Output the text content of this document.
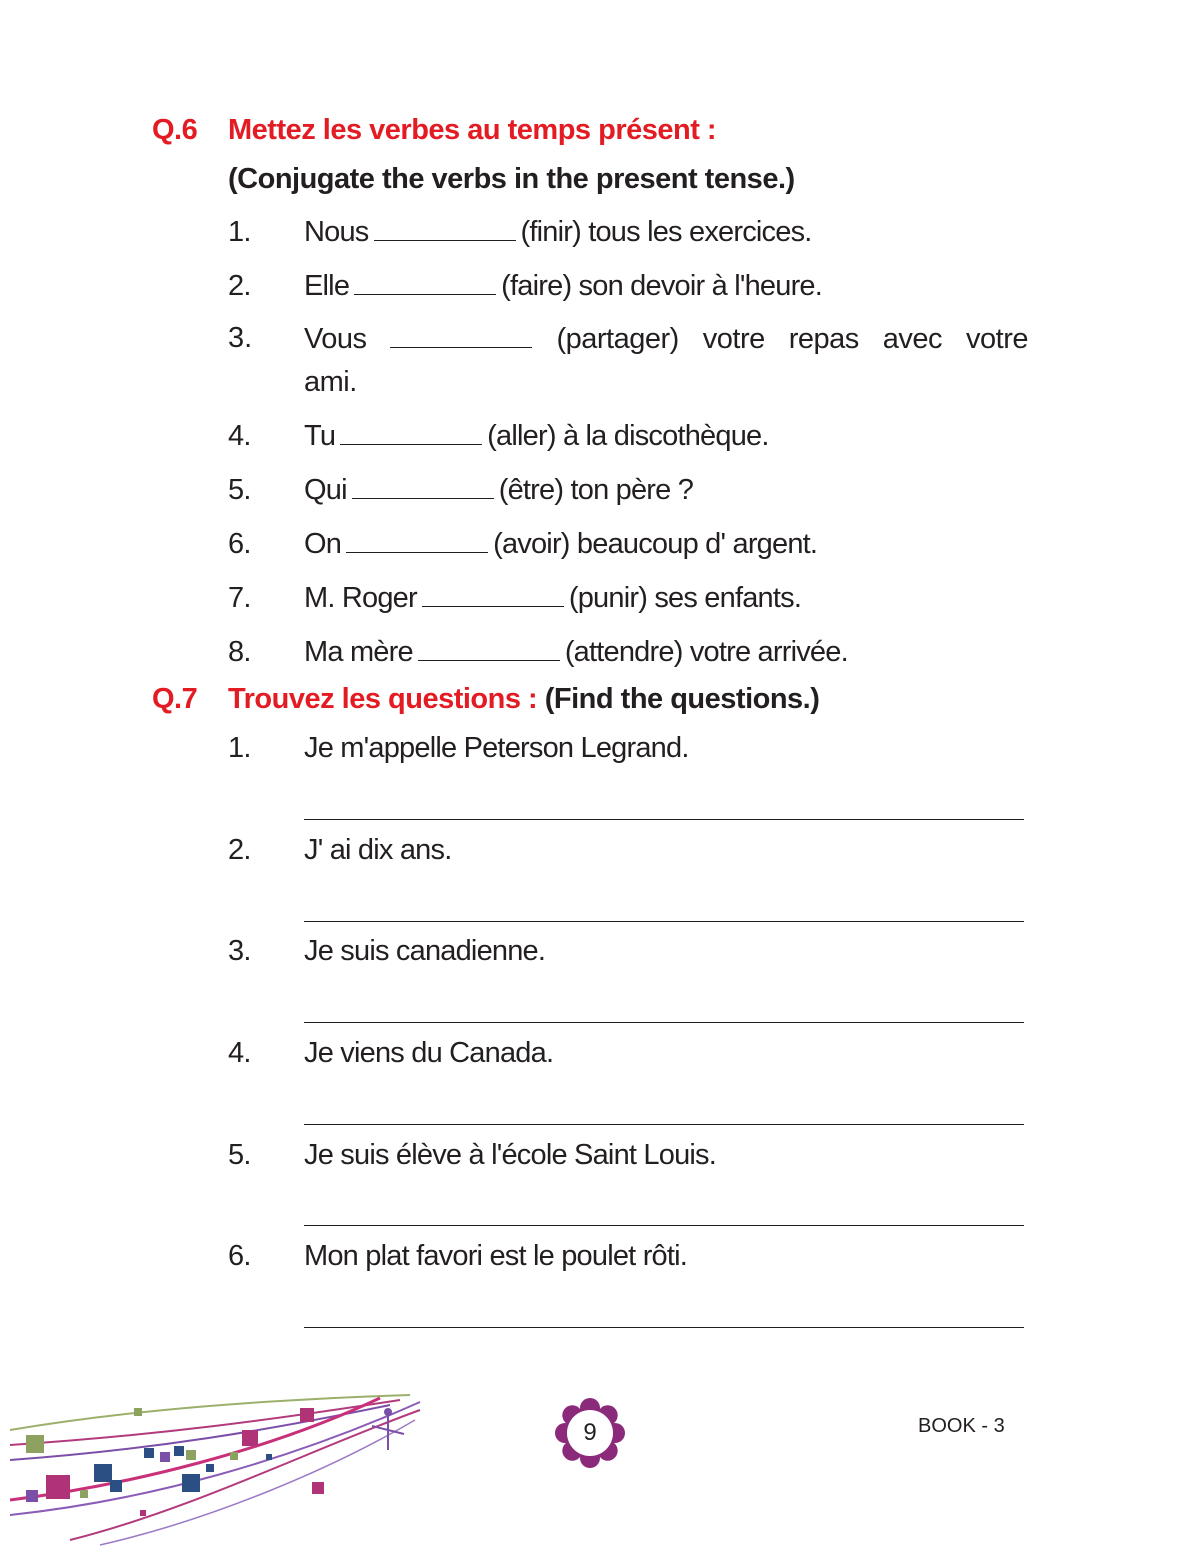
Q.6 Mettez les verbes au temps présent :
(Conjugate the verbs in the present tense.)
1. Nous	(finir) tous les exercices.
2. Elle	(faire) son devoir à l'heure.
3. Vous	(partager) votre repas avec votre
ami.
4. Tu	(aller) à la discothèque.
5. Qui	(être) ton père ?
6. On	(avoir) beaucoup d' argent.
7. M. Roger	(punir) ses enfants.
8. Ma mère	(attendre) votre arrivée.
Q.7 Trouvez les questions : (Find the questions.)
1. Je m'appelle Peterson Legrand.
2. J' ai dix ans.
3. Je suis canadienne.
4. Je viens du Canada.
5. Je suis élève à l'école Saint Louis.
6. Mon plat favori est le poulet rôti.
9	BOOK - 3
